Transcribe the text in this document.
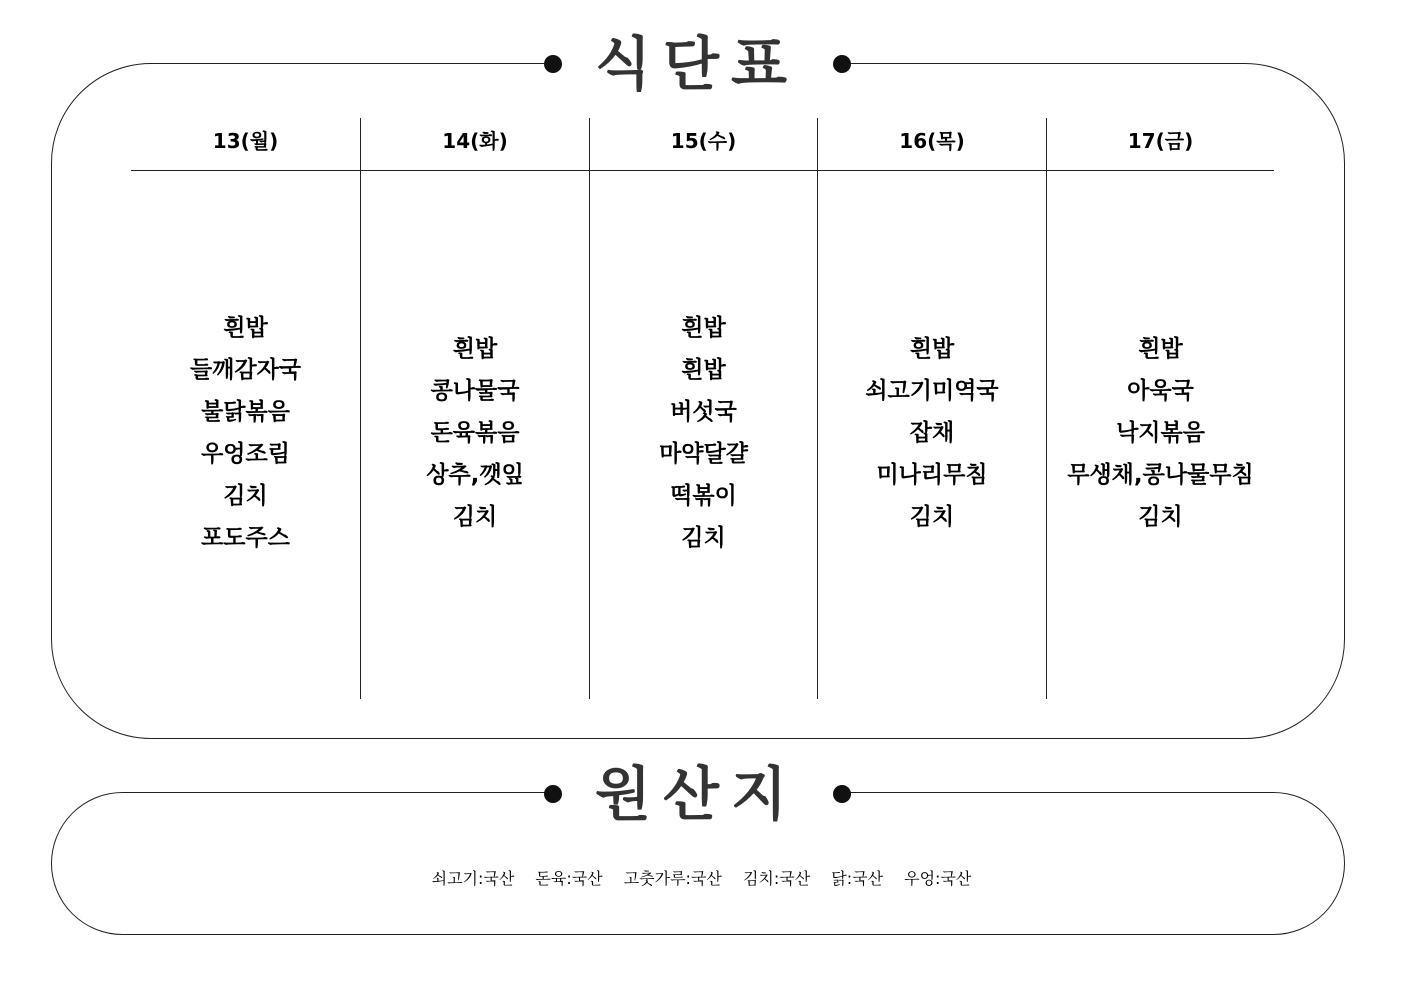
식단표
13(월)
흰밥
들깨감자국
불닭볶음
우엉조림
김치
포도주스
14(화)
흰밥
콩나물국
돈육볶음
상추,깻잎
김치
15(수)
흰밥
흰밥
버섯국
마약달걀
떡볶이
김치
16(목)
흰밥
쇠고기미역국
잡채
미나리무침
김치
17(금)
흰밥
아욱국
낙지볶음
무생채,콩나물무침
김치
원산지
쇠고기:국산 돈육:국산 고춧가루:국산 김치:국산 닭:국산 우엉:국산
